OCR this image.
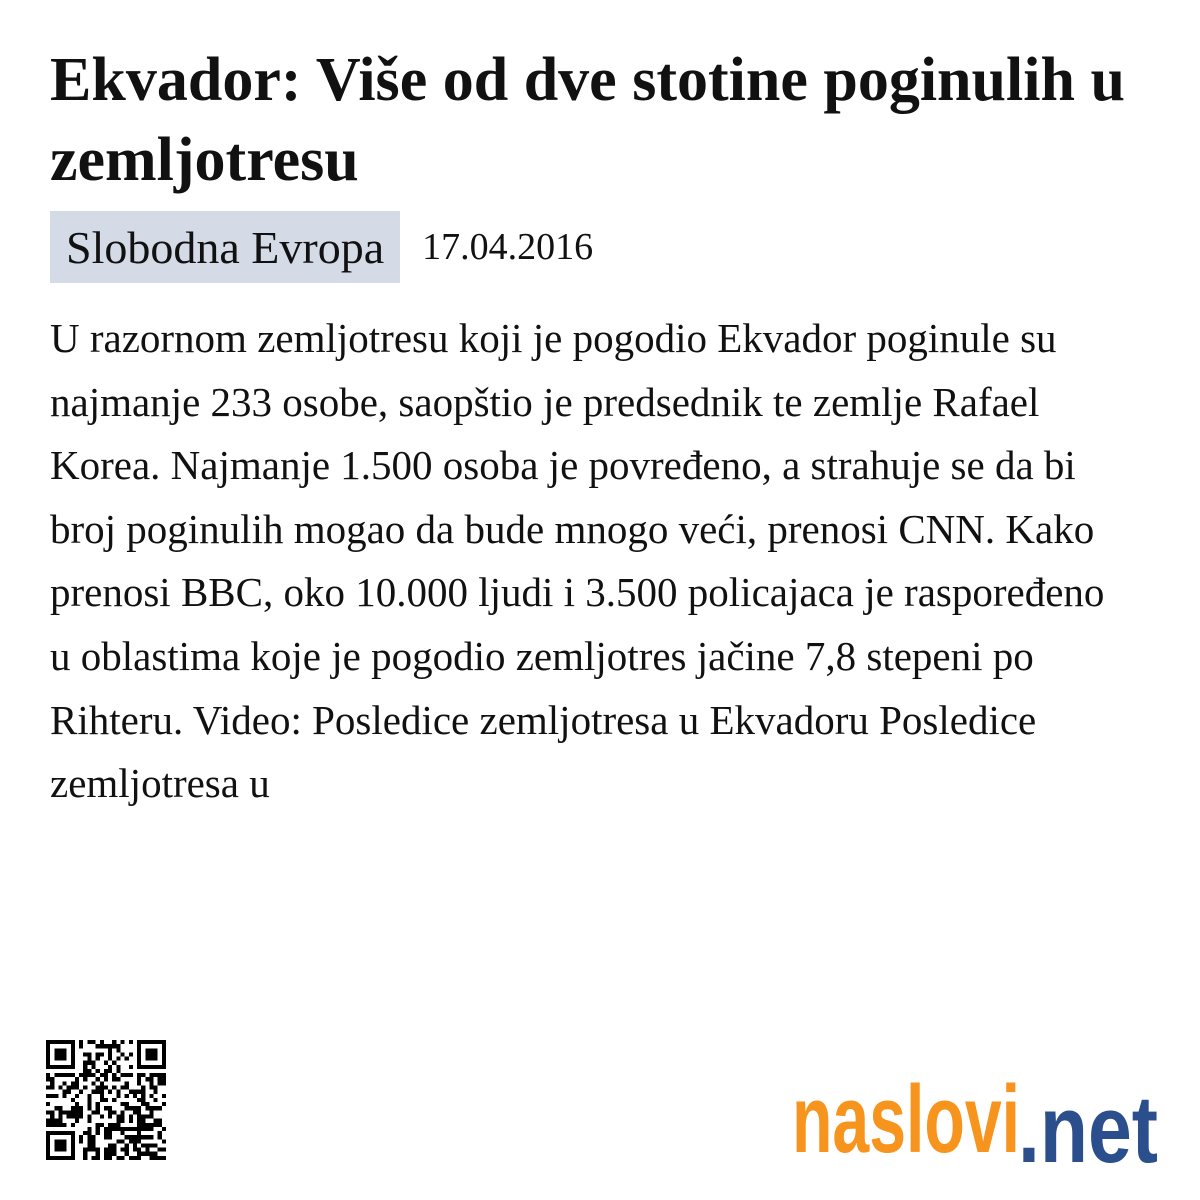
Ekvador: Više od dve stotine poginulih u zemljotresu
Slobodna Evropa 17.04.2016

U razornom zemljotresu koji je pogodio Ekvador poginule su najmanje 233 osobe, saopštio je predsednik te zemlje Rafael Korea. Najmanje 1.500 osoba je povređeno, a strahuje se da bi broj poginulih mogao da bude mnogo veći, prenosi CNN. Kako prenosi BBC, oko 10.000 ljudi i 3.500 policajaca je raspoređeno u oblastima koje je pogodio zemljotres jačine 7,8 stepeni po Rihteru. Video: Posledice zemljotresa u Ekvadoru Posledice zemljotresa u

naslovi
.net
